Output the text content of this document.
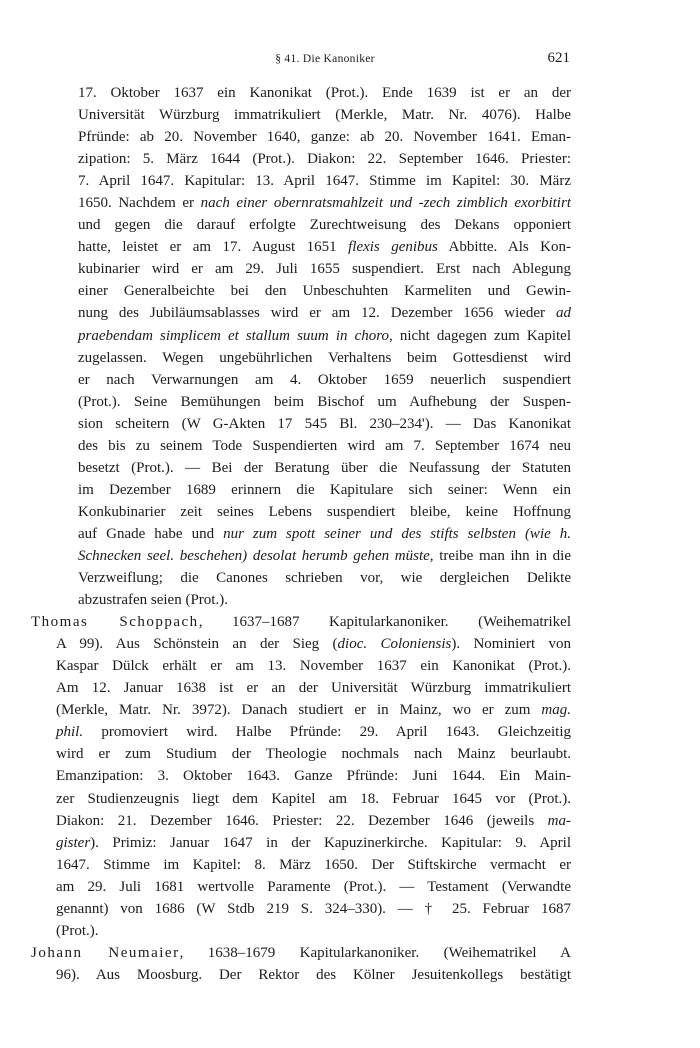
§ 41. Die Kanoniker	621
17. Oktober 1637 ein Kanonikat (Prot.). Ende 1639 ist er an der
Universität Würzburg immatrikuliert (Merkle, Matr. Nr. 4076). Halbe
Pfründe: ab 20. November 1640, ganze: ab 20. November 1641. Eman-
zipation: 5. März 1644 (Prot.). Diakon: 22. September 1646. Priester:
7. April 1647. Kapitular: 13. April 1647. Stimme im Kapitel: 30. März
1650. Nachdem er nach einer obernratsmahlzeit und -zech zimblich exorbitirt
und gegen die darauf erfolgte Zurechtweisung des Dekans opponiert
hatte, leistet er am 17. August 1651 flexis genibus Abbitte. Als Kon-
kubinarier wird er am 29. Juli 1655 suspendiert. Erst nach Ablegung
einer Generalbeichte bei den Unbeschuhten Karmeliten und Gewin-
nung des Jubiläumsablasses wird er am 12. Dezember 1656 wieder ad
praebendam simplicem et stallum suum in choro, nicht dagegen zum Kapitel
zugelassen. Wegen ungebührlichen Verhaltens beim Gottesdienst wird
er nach Verwarnungen am 4. Oktober 1659 neuerlich suspendiert
(Prot.). Seine Bemühungen beim Bischof um Aufhebung der Suspen-
sion scheitern (W G-Akten 17 545 Bl. 230–234'). — Das Kanonikat
des bis zu seinem Tode Suspendierten wird am 7. September 1674 neu
besetzt (Prot.). — Bei der Beratung über die Neufassung der Statuten
im Dezember 1689 erinnern die Kapitulare sich seiner: Wenn ein
Konkubinarier zeit seines Lebens suspendiert bleibe, keine Hoffnung
auf Gnade habe und nur zum spott seiner und des stifts selbsten (wie h.
Schnecken seel. beschehen) desolat herumb gehen müste, treibe man ihn in die
Verzweiflung; die Canones schrieben vor, wie dergleichen Delikte
abzustrafen seien (Prot.).
Thomas Schoppach, 1637–1687 Kapitularkanoniker. (Weihematrikel
A 99). Aus Schönstein an der Sieg (dioc. Coloniensis). Nominiert von
Kaspar Dülck erhält er am 13. November 1637 ein Kanonikat (Prot.).
Am 12. Januar 1638 ist er an der Universität Würzburg immatrikuliert
(Merkle, Matr. Nr. 3972). Danach studiert er in Mainz, wo er zum mag.
phil. promoviert wird. Halbe Pfründe: 29. April 1643. Gleichzeitig
wird er zum Studium der Theologie nochmals nach Mainz beurlaubt.
Emanzipation: 3. Oktober 1643. Ganze Pfründe: Juni 1644. Ein Main-
zer Studienzeugnis liegt dem Kapitel am 18. Februar 1645 vor (Prot.).
Diakon: 21. Dezember 1646. Priester: 22. Dezember 1646 (jeweils ma-
gister). Primiz: Januar 1647 in der Kapuzinerkirche. Kapitular: 9. April
1647. Stimme im Kapitel: 8. März 1650. Der Stiftskirche vermacht er
am 29. Juli 1681 wertvolle Paramente (Prot.). — Testament (Verwandte
genannt) von 1686 (W Stdb 219 S. 324–330). — † 25. Februar 1687
(Prot.).
Johann Neumaier, 1638–1679 Kapitularkanoniker. (Weihematrikel A
96). Aus Moosburg. Der Rektor des Kölner Jesuitenkollegs bestätigt
